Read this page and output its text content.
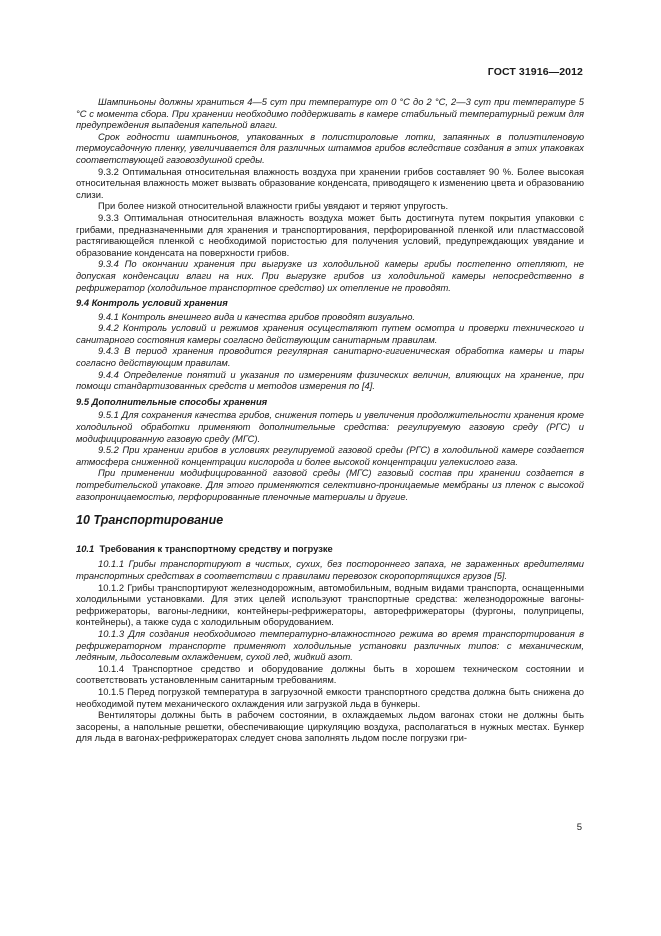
ГОСТ 31916—2012

Шампиньоны должны храниться 4—5 сут при температуре от 0 °С до 2 °С, 2—3 сут при температуре 5 °С с момента сбора. При хранении необходимо поддерживать в камере стабильный температурный режим для предупреждения выпадения капельной влаги.

Срок годности шампиньонов, упакованных в полистироловые лотки, запаянных в полиэтиленовую термоусадочную пленку, увеличивается для различных штаммов грибов вследствие создания в этих упаковках соответствующей газовоздушной среды.

9.3.2 Оптимальная относительная влажность воздуха при хранении грибов составляет 90 %. Более высокая относительная влажность может вызвать образование конденсата, приводящего к изменению цвета и образованию слизи.

При более низкой относительной влажности грибы увядают и теряют упругость.

9.3.3 Оптимальная относительная влажность воздуха может быть достигнута путем покрытия упаковки с грибами, предназначенными для хранения и транспортирования, перфорированной пленкой или пластмассовой растягивающейся пленкой с необходимой пористостью для получения условий, предупреждающих увядание и образование конденсата на поверхности грибов.

9.3.4 По окончании хранения при выгрузке из холодильной камеры грибы постепенно отепляют, не допуская конденсации влаги на них. При выгрузке грибов из холодильной камеры непосредственно в рефрижератор (холодильное транспортное средство) их отепление не проводят.

9.4 Контроль условий хранения

9.4.1 Контроль внешнего вида и качества грибов проводят визуально.

9.4.2 Контроль условий и режимов хранения осуществляют путем осмотра и проверки технического и санитарного состояния камеры согласно действующим санитарным правилам.

9.4.3 В период хранения проводится регулярная санитарно-гигиеническая обработка камеры и тары согласно действующим правилам.

9.4.4 Определение понятий и указания по измерениям физических величин, влияющих на хранение, при помощи стандартизованных средств и методов измерения по [4].

9.5 Дополнительные способы хранения

9.5.1 Для сохранения качества грибов, снижения потерь и увеличения продолжительности хранения кроме холодильной обработки применяют дополнительные средства: регулируемую газовую среду (РГС) и модифицированную газовую среду (МГС).

9.5.2 При хранении грибов в условиях регулируемой газовой среды (РГС) в холодильной камере создается атмосфера сниженной концентрации кислорода и более высокой концентрации углекислого газа.

При применении модифицированной газовой среды (МГС) газовый состав при хранении создается в потребительской упаковке. Для этого применяются селективно-проницаемые мембраны из пленок с высокой газопроницаемостью, перфорированные пленочные материалы и другие.

10 Транспортирование

10.1 Требования к транспортному средству и погрузке

10.1.1 Грибы транспортируют в чистых, сухих, без постороннего запаха, не зараженных вредителями транспортных средствах в соответствии с правилами перевозок скоропортящихся грузов [5].

10.1.2 Грибы транспортируют железнодорожным, автомобильным, водным видами транспорта, оснащенными холодильными установками. Для этих целей используют транспортные средства: железнодорожные вагоны-рефрижераторы, вагоны-ледники, контейнеры-рефрижераторы, авторефрижераторы (фургоны, полуприцепы, контейнеры), а также суда с холодильным оборудованием.

10.1.3 Для создания необходимого температурно-влажностного режима во время транспортирования в рефрижераторном транспорте применяют холодильные установки различных типов: с механическим, ледяным, льдосолевым охлаждением, сухой лед, жидкий азот.

10.1.4 Транспортное средство и оборудование должны быть в хорошем техническом состоянии и соответствовать установленным санитарным требованиям.

10.1.5 Перед погрузкой температура в загрузочной емкости транспортного средства должна быть снижена до необходимой путем механического охлаждения или загрузкой льда в бункеры.

Вентиляторы должны быть в рабочем состоянии, в охлаждаемых льдом вагонах стоки не должны быть засорены, а напольные решетки, обеспечивающие циркуляцию воздуха, располагаться в нужных местах. Бункер для льда в вагонах-рефрижераторах следует снова заполнять льдом после погрузки гри-

5
